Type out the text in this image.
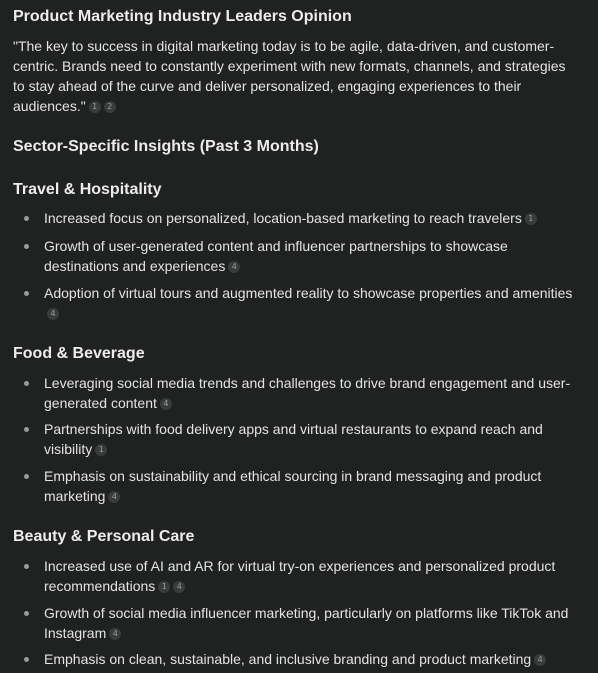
Product Marketing Industry Leaders Opinion

"The key to success in digital marketing today is to be agile, data-driven, and customer-centric. Brands need to constantly experiment with new formats, channels, and strategies to stay ahead of the curve and deliver personalized, engaging experiences to their audiences." 1 2

Sector-Specific Insights (Past 3 Months)
Travel & Hospitality
Increased focus on personalized, location-based marketing to reach travelers 1
Growth of user-generated content and influencer partnerships to showcase destinations and experiences 4
Adoption of virtual tours and augmented reality to showcase properties and amenities4
Food & Beverage
Leveraging social media trends and challenges to drive brand engagement and user-generated content 4
Partnerships with food delivery apps and virtual restaurants to expand reach and visibility 1
Emphasis on sustainability and ethical sourcing in brand messaging and product marketing 4
Beauty & Personal Care
Increased use of AI and AR for virtual try-on experiences and personalized product recommendations 1 4
Growth of social media influencer marketing, particularly on platforms like TikTok and Instagram 4
Emphasis on clean, sustainable, and inclusive branding and product marketing 4
